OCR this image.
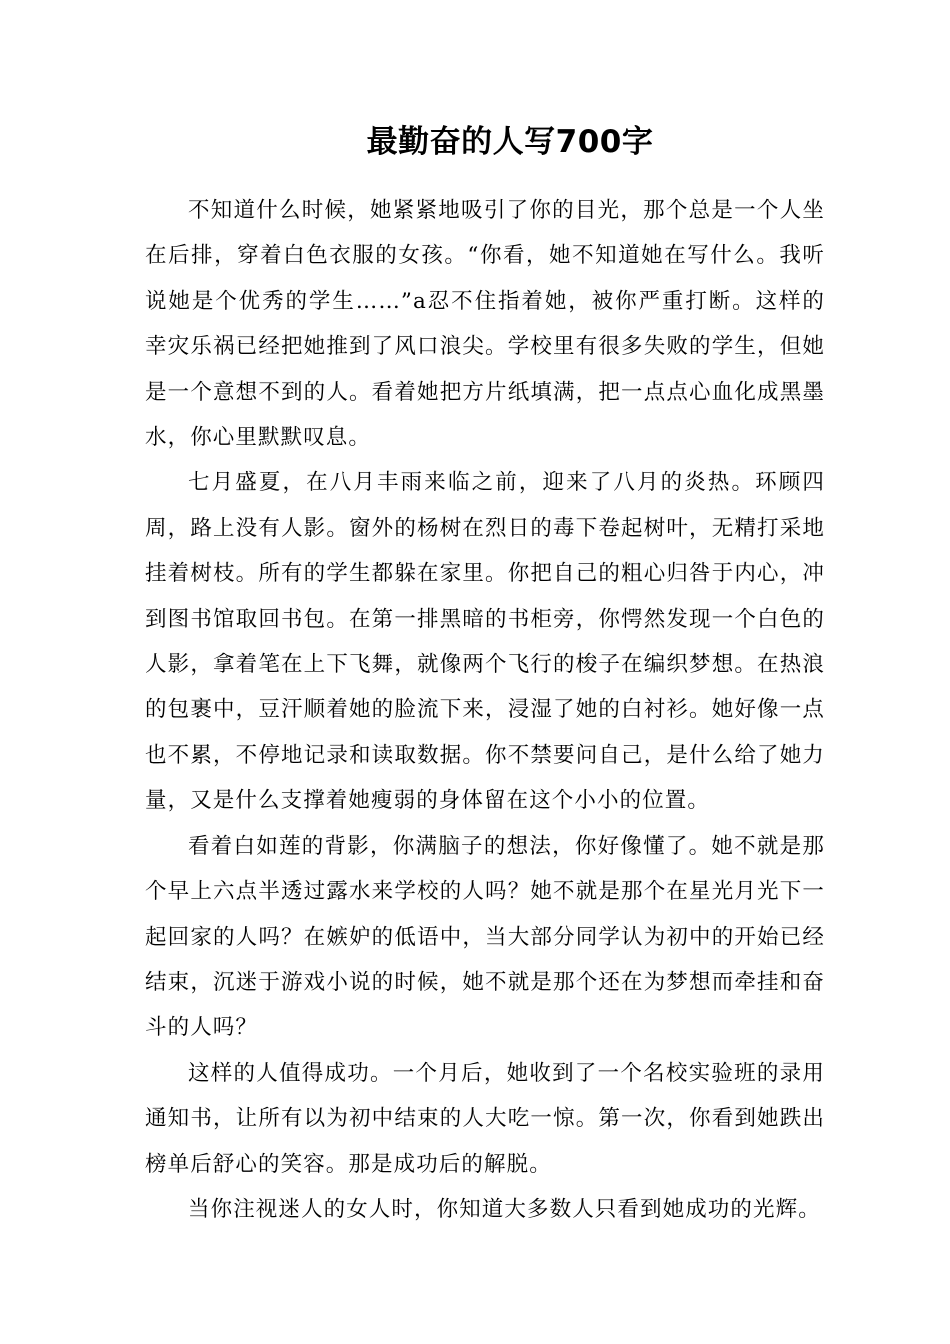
最勤奋的人写700字

不知道什么时候，她紧紧地吸引了你的目光，那个总是一个人坐在后排，穿着白色衣服的女孩。“你看，她不知道她在写什么。我听说她是个优秀的学生……”a忍不住指着她，被你严重打断。这样的幸灾乐祸已经把她推到了风口浪尖。学校里有很多失败的学生，但她是一个意想不到的人。看着她把方片纸填满，把一点点心血化成黑墨水，你心里默默叹息。

七月盛夏，在八月丰雨来临之前，迎来了八月的炎热。环顾四周，路上没有人影。窗外的杨树在烈日的毒下卷起树叶，无精打采地挂着树枝。所有的学生都躲在家里。你把自己的粗心归咎于内心，冲到图书馆取回书包。在第一排黑暗的书柜旁，你愕然发现一个白色的人影，拿着笔在上下飞舞，就像两个飞行的梭子在编织梦想。在热浪的包裹中，豆汗顺着她的脸流下来，浸湿了她的白衬衫。她好像一点也不累，不停地记录和读取数据。你不禁要问自己，是什么给了她力量，又是什么支撑着她瘦弱的身体留在这个小小的位置。

看着白如莲的背影，你满脑子的想法，你好像懂了。她不就是那个早上六点半透过露水来学校的人吗？她不就是那个在星光月光下一起回家的人吗？在嫉妒的低语中，当大部分同学认为初中的开始已经结束，沉迷于游戏小说的时候，她不就是那个还在为梦想而牵挂和奋斗的人吗？

这样的人值得成功。一个月后，她收到了一个名校实验班的录用通知书，让所有以为初中结束的人大吃一惊。第一次，你看到她跌出榜单后舒心的笑容。那是成功后的解脱。

当你注视迷人的女人时，你知道大多数人只看到她成功的光辉。
